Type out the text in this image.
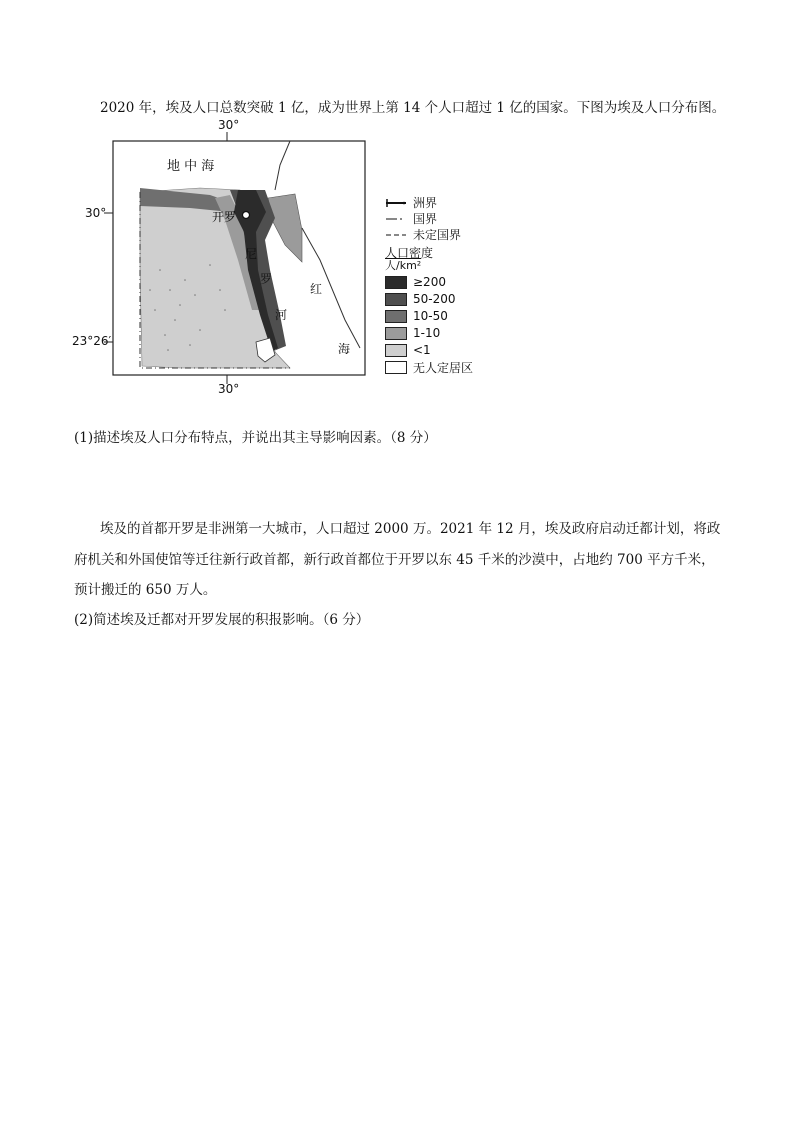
2020 年，埃及人口总数突破 1 亿，成为世界上第 14 个人口超过 1 亿的国家。下图为埃及人口分布图。
30°
30°
30°
23°26′
地 中 海
开罗
尼
罗
河
红
海
洲界
国界
未定国界
人口密度
人/km²
≥200
50-200
10-50
1-10
<1
无人定居区
(1)描述埃及人口分布特点，并说出其主导影响因素。（8 分）
埃及的首都开罗是非洲第一大城市，人口超过 2000 万。2021 年 12 月，埃及政府启动迁都计划，将政
府机关和外国使馆等迁往新行政首都，新行政首都位于开罗以东 45 千米的沙漠中，占地约 700 平方千米，
预计搬迁的 650 万人。
(2)简述埃及迁都对开罗发展的积报影响。（6 分）
